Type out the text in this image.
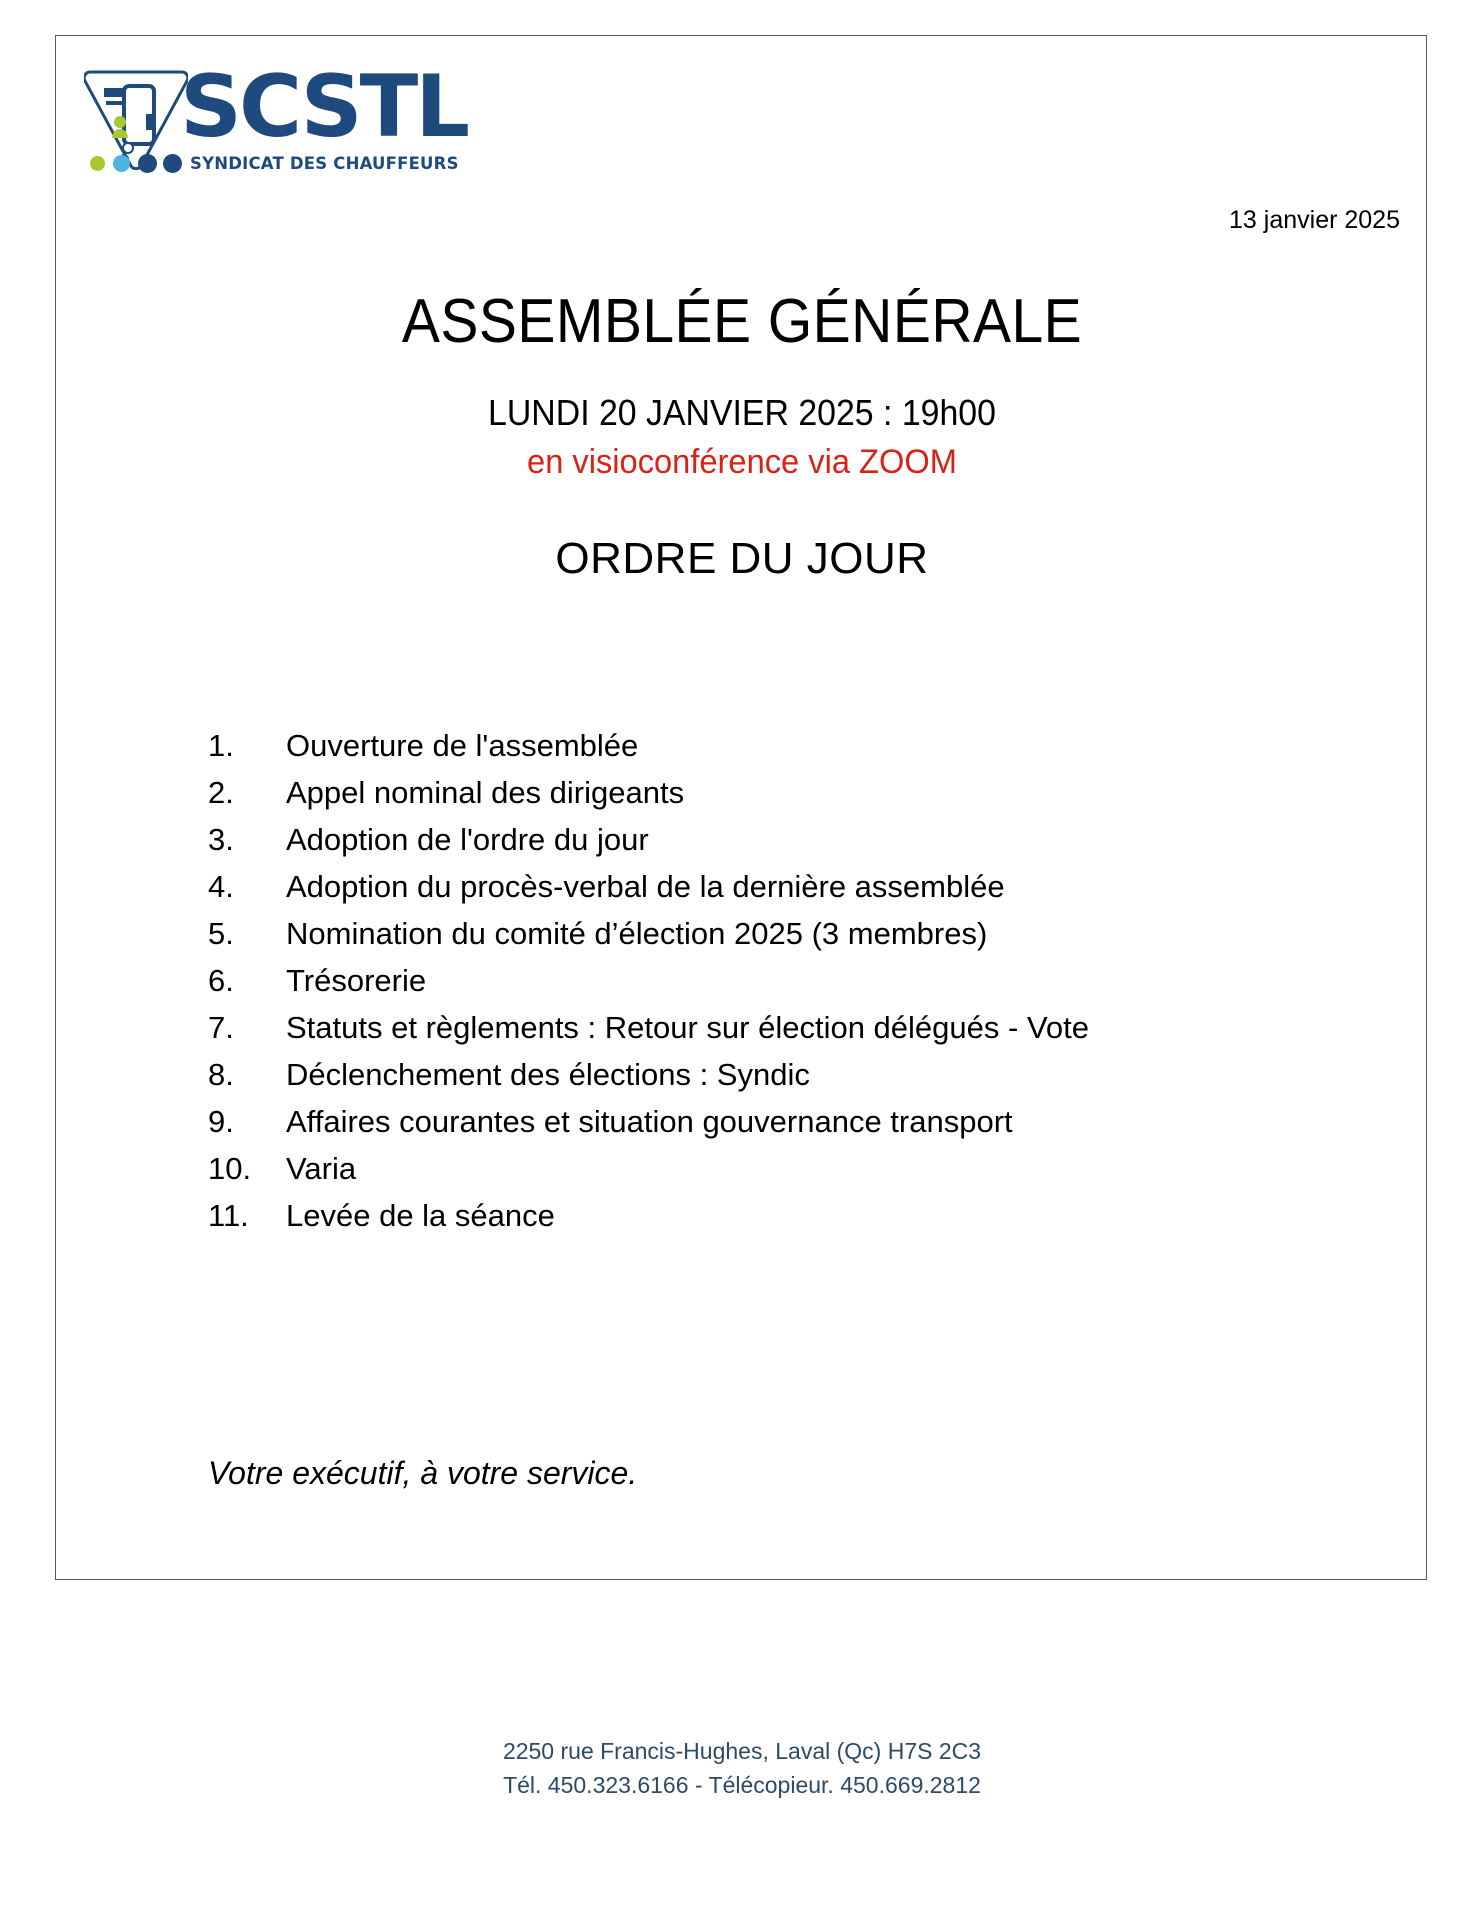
SCSTL
SYNDICAT DES CHAUFFEURS
13 janvier 2025
ASSEMBLÉE GÉNÉRALE
LUNDI 20 JANVIER 2025 : 19h00
en visioconférence via ZOOM
ORDRE DU JOUR
1.	Ouverture de l'assemblée
2.	Appel nominal des dirigeants
3.	Adoption de l'ordre du jour
4.	Adoption du procès-verbal de la dernière assemblée
5.	Nomination du comité d’élection 2025 (3 membres)
6.	Trésorerie
7.	Statuts et règlements : Retour sur élection délégués - Vote
8.	Déclenchement des élections : Syndic
9.	Affaires courantes et situation gouvernance transport
10.	Varia
11.	Levée de la séance
Votre exécutif, à votre service.
2250 rue Francis-Hughes, Laval (Qc) H7S 2C3
Tél. 450.323.6166 - Télécopieur. 450.669.2812
